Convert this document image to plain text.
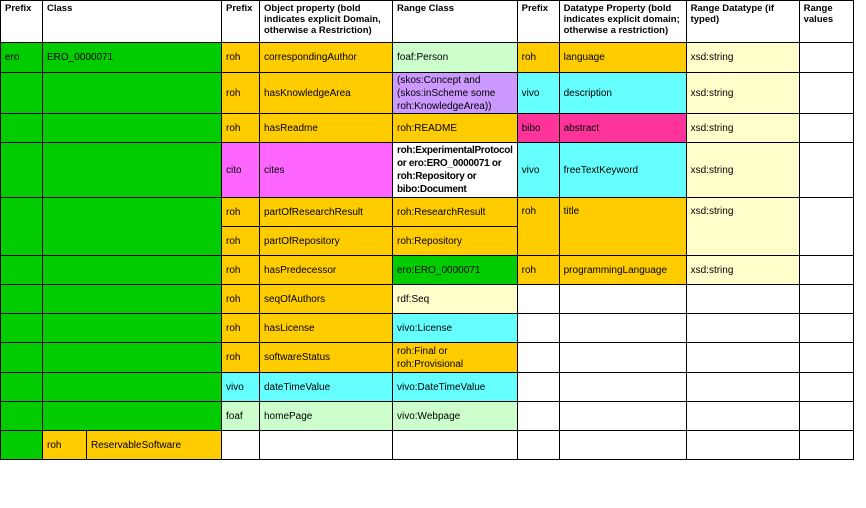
Prefix	Class		Prefix	Object property (bold indicates explicit Domain, otherwise a Restriction)	Range Class	Prefix	Datatype Property (bold indicates explicit domain; otherwise a restriction)	Range Datatype (if typed)	Range values
ero	ERO_0000071		roh	correspondingAuthor	foaf:Person	roh	language	xsd:string	
			roh	hasKnowledgeArea	(skos:Concept and (skos:inScheme some roh:KnowledgeArea))	vivo	description	xsd:string	
			roh	hasReadme	roh:README	bibo	abstract	xsd:string	
			cito	cites	roh:ExperimentalProtocol or ero:ERO_0000071 or roh:Repository or bibo:Document	vivo	freeTextKeyword	xsd:string	
			roh	partOfResearchResult	roh:ResearchResult	roh	title	xsd:string	
			roh	partOfRepository	roh:Repository				
			roh	hasPredecessor	ero:ERO_0000071	roh	programmingLanguage	xsd:string	
			roh	seqOfAuthors	rdf:Seq				
			roh	hasLicense	vivo:License				
			roh	softwareStatus	roh:Final or roh:Provisional				
			vivo	dateTimeValue	vivo:DateTimeValue				
			foaf	homePage	vivo:Webpage				
	roh	ReservableSoftware							
